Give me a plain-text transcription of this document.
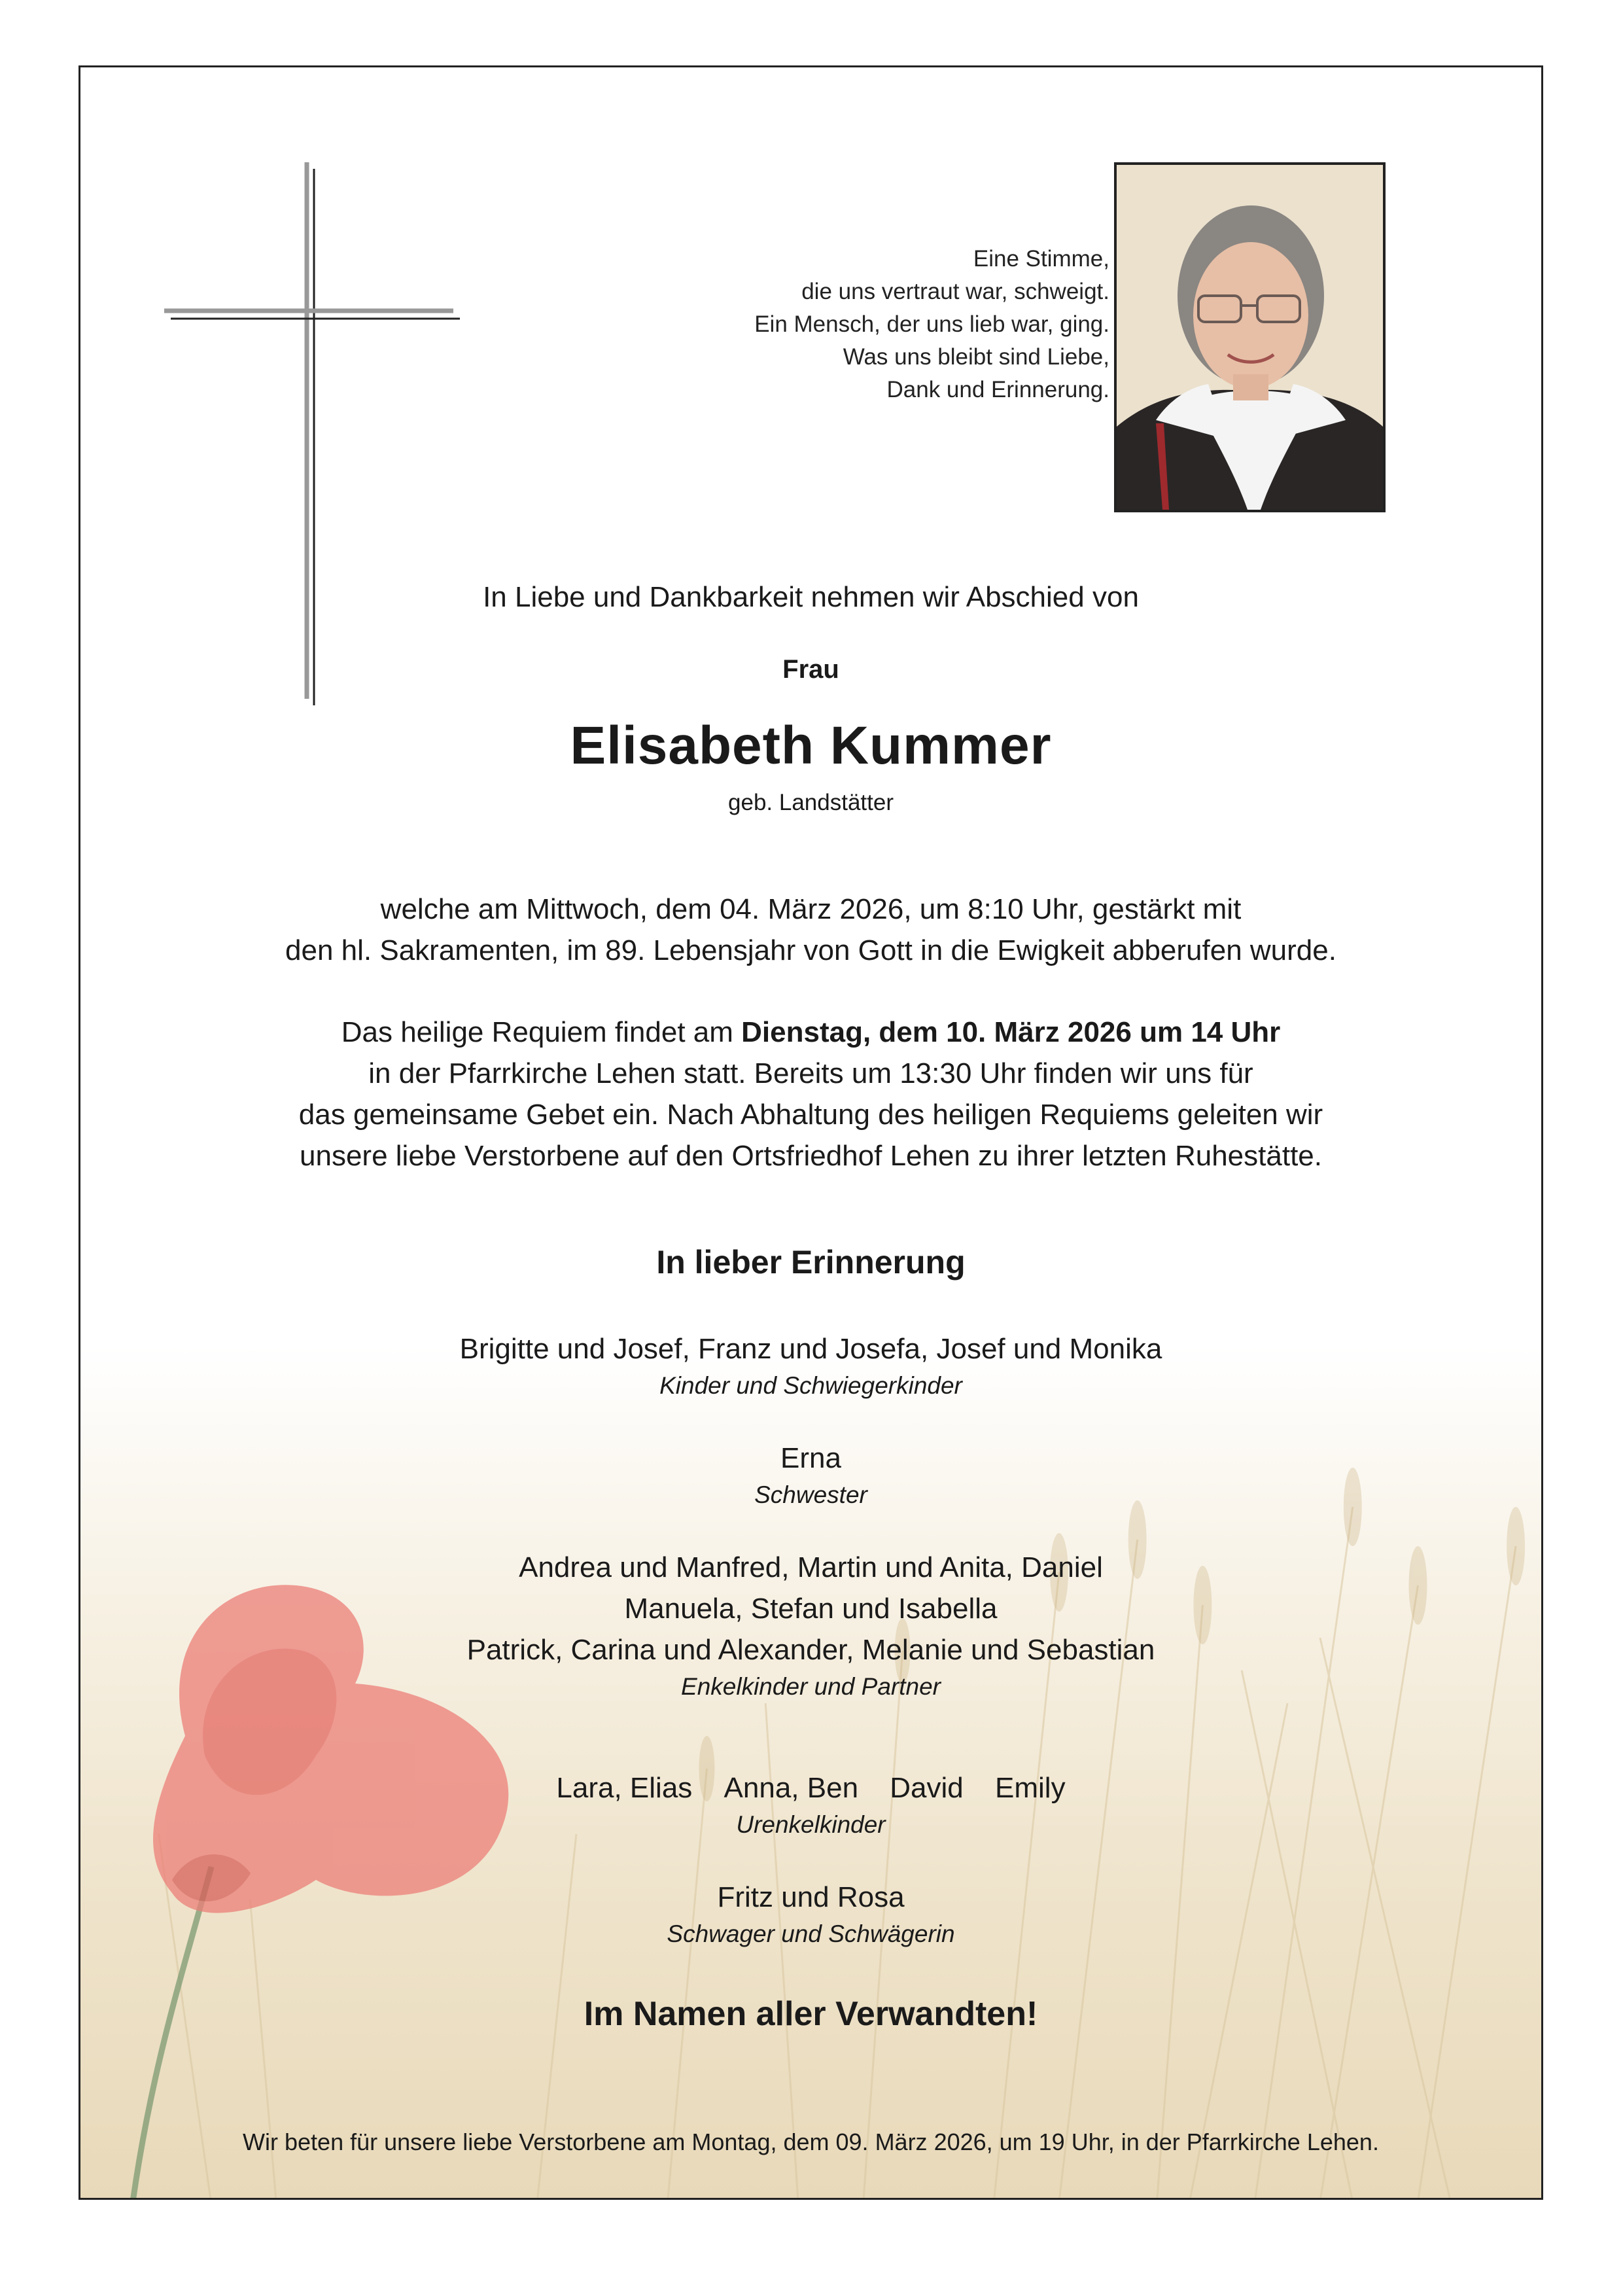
Eine Stimme,
die uns vertraut war, schweigt.
Ein Mensch, der uns lieb war, ging.
Was uns bleibt sind Liebe,
Dank und Erinnerung.
In Liebe und Dankbarkeit nehmen wir Abschied von
Frau
Elisabeth Kummer
geb. Landstätter
welche am Mittwoch, dem 04. März 2026, um 8:10 Uhr, gestärkt mit
den hl. Sakramenten, im 89. Lebensjahr von Gott in die Ewigkeit abberufen wurde.
Das heilige Requiem findet am Dienstag, dem 10. März 2026 um 14 Uhr
in der Pfarrkirche Lehen statt. Bereits um 13:30 Uhr finden wir uns für
das gemeinsame Gebet ein. Nach Abhaltung des heiligen Requiems geleiten wir
unsere liebe Verstorbene auf den Ortsfriedhof Lehen zu ihrer letzten Ruhestätte.
In lieber Erinnerung
Brigitte und Josef, Franz und Josefa, Josef und Monika
Kinder und Schwiegerkinder
Erna
Schwester
Andrea und Manfred, Martin und Anita, Daniel
Manuela, Stefan und Isabella
Patrick, Carina und Alexander, Melanie und Sebastian
Enkelkinder und Partner
Lara, Elias Anna, Ben David Emily
Urenkelkinder
Fritz und Rosa
Schwager und Schwägerin
Im Namen aller Verwandten!
Wir beten für unsere liebe Verstorbene am Montag, dem 09. März 2026, um 19 Uhr, in der Pfarrkirche Lehen.
